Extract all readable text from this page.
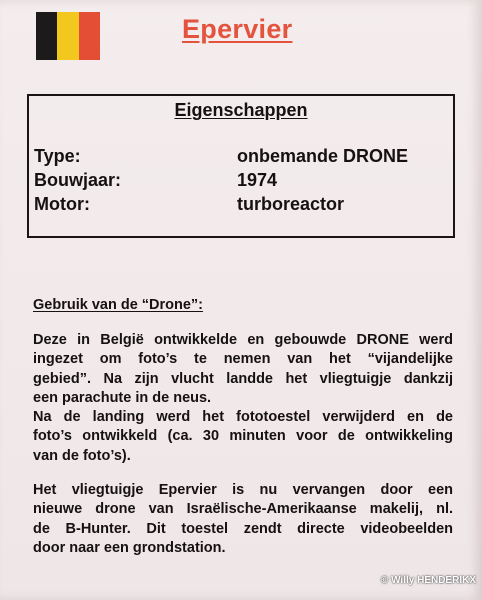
Epervier
Eigenschappen
Type:	onbemande DRONE
Bouwjaar:	1974
Motor:	turboreactor
Gebruik van de “Drone”:
Deze in België ontwikkelde en gebouwde DRONE werd
ingezet om foto’s te nemen van het “vijandelijke
gebied”. Na zijn vlucht landde het vliegtuigje dankzij
een parachute in de neus.
Na de landing werd het fototoestel verwijderd en de
foto’s ontwikkeld (ca. 30 minuten voor de ontwikkeling
van de foto’s).
Het vliegtuigje Epervier is nu vervangen door een
nieuwe drone van Israëlische-Amerikaanse makelij, nl.
de B-Hunter. Dit toestel zendt directe videobeelden
door naar een grondstation.
© Willy HENDERIKX
